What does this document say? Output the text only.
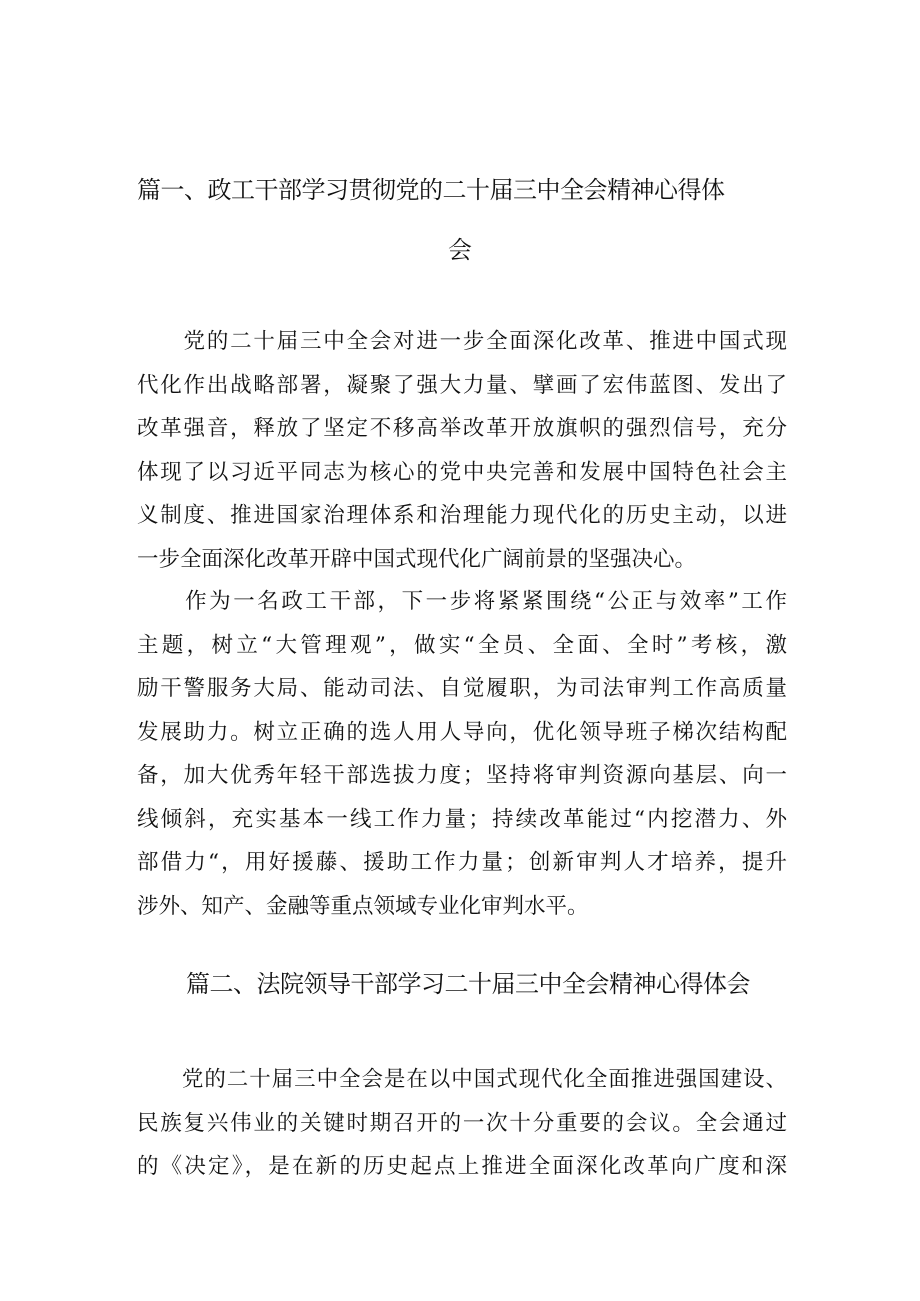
篇一、政工干部学习贯彻党的二十届三中全会精神心得体
会
　　党的二十届三中全会对进一步全面深化改革、推进中国式现
代化作出战略部署，凝聚了强大力量、擘画了宏伟蓝图、发出了
改革强音，释放了坚定不移高举改革开放旗帜的强烈信号，充分
体现了以习近平同志为核心的党中央完善和发展中国特色社会主
义制度、推进国家治理体系和治理能力现代化的历史主动，以进
一步全面深化改革开辟中国式现代化广阔前景的坚强决心。
　　作为一名政工干部，下一步将紧紧围绕“公正与效率”工作
主题，树立“大管理观”，做实“全员、全面、全时”考核，激
励干警服务大局、能动司法、自觉履职，为司法审判工作高质量
发展助力。树立正确的选人用人导向，优化领导班子梯次结构配
备，加大优秀年轻干部选拔力度；坚持将审判资源向基层、向一
线倾斜，充实基本一线工作力量；持续改革能过“内挖潜力、外
部借力“，用好援藤、援助工作力量；创新审判人才培养，提升
涉外、知产、金融等重点领域专业化审判水平。
篇二、法院领导干部学习二十届三中全会精神心得体会
　　党的二十届三中全会是在以中国式现代化全面推进强国建设、
民族复兴伟业的关键时期召开的一次十分重要的会议。全会通过
的《决定》，是在新的历史起点上推进全面深化改革向广度和深
